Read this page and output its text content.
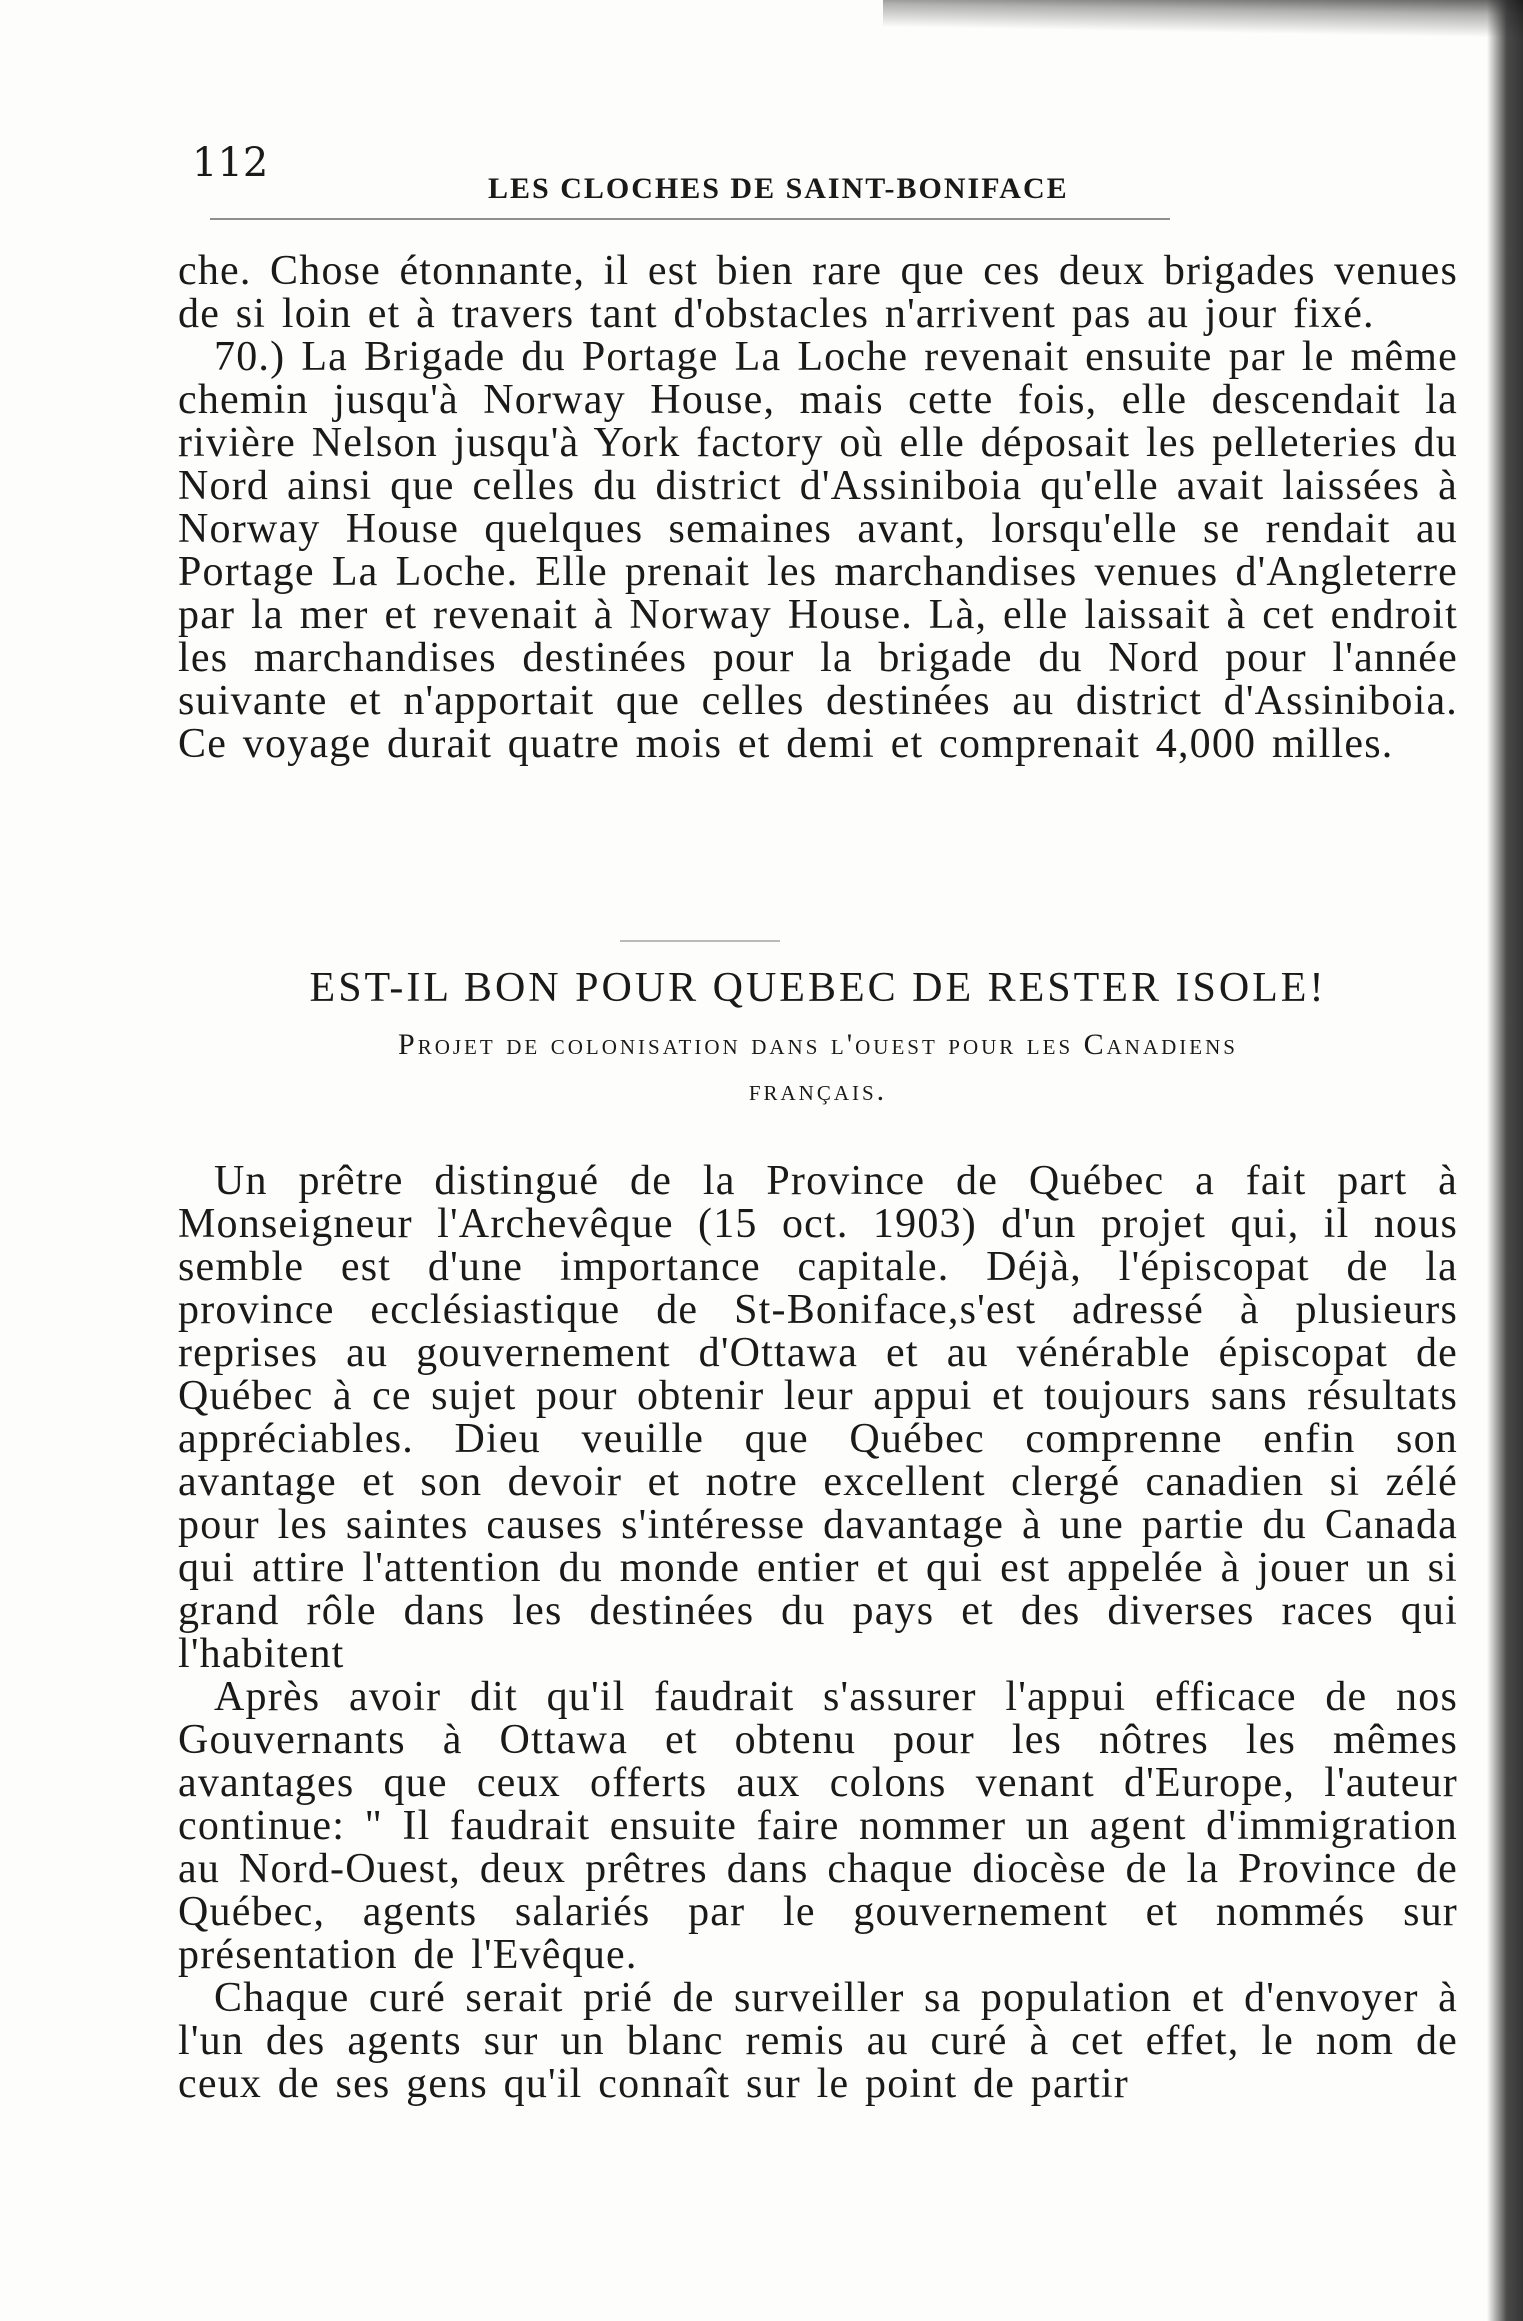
112
LES CLOCHES DE SAINT-BONIFACE

che. Chose étonnante, il est bien rare que ces deux brigades venues de si loin et à travers tant d'obstacles n'arrivent pas au jour fixé.

70.) La Brigade du Portage La Loche revenait ensuite par le même chemin jusqu'à Norway House, mais cette fois, elle descendait la rivière Nelson jusqu'à York factory où elle déposait les pelleteries du Nord ainsi que celles du district d'Assiniboia qu'elle avait laissées à Norway House quelques semaines avant, lorsqu'elle se rendait au Portage La Loche. Elle prenait les marchandises venues d'Angleterre par la mer et revenait à Norway House. Là, elle laissait à cet endroit les marchandises destinées pour la brigade du Nord pour l'année suivante et n'apportait que celles destinées au district d'Assiniboia. Ce voyage durait quatre mois et demi et comprenait 4,000 milles.

EST-IL BON POUR QUEBEC DE RESTER ISOLE!
Projet de colonisation dans l'ouest pour les Canadiens
français.

Un prêtre distingué de la Province de Québec a fait part à Monseigneur l'Archevêque (15 oct. 1903) d'un projet qui, il nous semble est d'une importance capitale. Déjà, l'épiscopat de la province ecclésiastique de St-Boniface,s'est adressé à plusieurs reprises au gouvernement d'Ottawa et au vénérable épiscopat de Québec à ce sujet pour obtenir leur appui et toujours sans résultats appréciables. Dieu veuille que Québec comprenne enfin son avantage et son devoir et notre excellent clergé canadien si zélé pour les saintes causes s'intéresse davantage à une partie du Canada qui attire l'attention du monde entier et qui est appelée à jouer un si grand rôle dans les destinées du pays et des diverses races qui l'habitent

Après avoir dit qu'il faudrait s'assurer l'appui efficace de nos Gouvernants à Ottawa et obtenu pour les nôtres les mêmes avantages que ceux offerts aux colons venant d'Europe, l'auteur continue: " Il faudrait ensuite faire nommer un agent d'immigration au Nord-Ouest, deux prêtres dans chaque diocèse de la Province de Québec, agents salariés par le gouvernement et nommés sur présentation de l'Evêque.

Chaque curé serait prié de surveiller sa population et d'envoyer à l'un des agents sur un blanc remis au curé à cet effet, le nom de ceux de ses gens qu'il connaît sur le point de partir
